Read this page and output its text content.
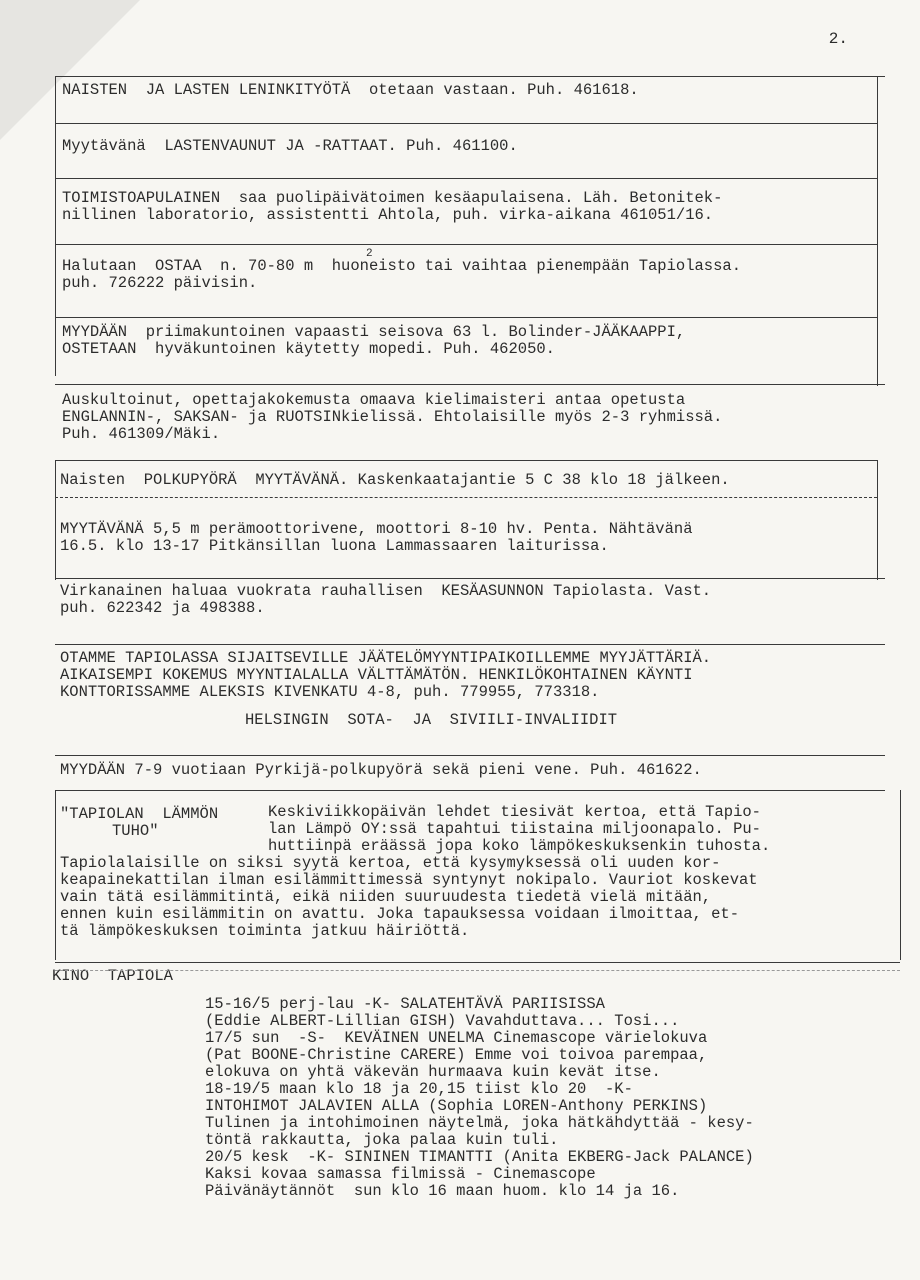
2.
NAISTEN  JA LASTEN LENINKITYÖTÄ  otetaan vastaan. Puh. 461618.
Myytävänä  LASTENVAUNUT JA -RATTAAT. Puh. 461100.
TOIMISTOAPULAINEN  saa puolipäivätoimen kesäapulaisena. Läh. Betonitek-
nillinen laboratorio, assistentti Ahtola, puh. virka-aikana 461051/16.
Halutaan  OSTAA  n. 70-80 m  huoneisto tai vaihtaa pienempään Tapiolassa.
puh. 726222 päivisin.
2
MYYDÄÄN  priimakuntoinen vapaasti seisova 63 l. Bolinder-JÄÄKAAPPI,
OSTETAAN  hyväkuntoinen käytetty mopedi. Puh. 462050.
Auskultoinut, opettajakokemusta omaava kielimaisteri antaa opetusta
ENGLANNIN-, SAKSAN- ja RUOTSINkielissä. Ehtolaisille myös 2-3 ryhmissä.
Puh. 461309/Mäki.
Naisten  POLKUPYÖRÄ  MYYTÄVÄNÄ. Kaskenkaatajantie 5 C 38 klo 18 jälkeen.
MYYTÄVÄNÄ 5,5 m perämoottorivene, moottori 8-10 hv. Penta. Nähtävänä
16.5. klo 13-17 Pitkänsillan luona Lammassaaren laiturissa.
Virkanainen haluaa vuokrata rauhallisen  KESÄASUNNON Tapiolasta. Vast.
puh. 622342 ja 498388.
OTAMME TAPIOLASSA SIJAITSEVILLE JÄÄTELÖMYYNTIPAIKOILLEMME MYYJÄTTÄRIÄ.
AIKAISEMPI KOKEMUS MYYNTIALALLA VÄLTTÄMÄTÖN. HENKILÖKOHTAINEN KÄYNTI
KONTTORISSAMME ALEKSIS KIVENKATU 4-8, puh. 779955, 773318.
HELSINGIN  SOTA-  JA  SIVIILI-INVALIIDIT
MYYDÄÄN 7-9 vuotiaan Pyrkijä-polkupyörä sekä pieni vene. Puh. 461622.
"TAPIOLAN  LÄMMÖN
TUHO"
Keskiviikkopäivän lehdet tiesivät kertoa, että Tapio-
lan Lämpö OY:ssä tapahtui tiistaina miljoonapalo. Pu-
huttiinpä eräässä jopa koko lämpökeskuksenkin tuhosta.
Tapiolalaisille on siksi syytä kertoa, että kysymyksessä oli uuden kor-
keapainekattilan ilman esilämmittimessä syntynyt nokipalo. Vauriot koskevat
vain tätä esilämmitintä, eikä niiden suuruudesta tiedetä vielä mitään,
ennen kuin esilämmitin on avattu. Joka tapauksessa voidaan ilmoittaa, et-
tä lämpökeskuksen toiminta jatkuu häiriöttä.
KINO  TAPIOLA
15-16/5 perj-lau -K- SALATEHTÄVÄ PARIISISSA
(Eddie ALBERT-Lillian GISH) Vavahduttava... Tosi...
17/5 sun  -S-  KEVÄINEN UNELMA Cinemascope värielokuva
(Pat BOONE-Christine CARERE) Emme voi toivoa parempaa,
elokuva on yhtä väkevän hurmaava kuin kevät itse.
18-19/5 maan klo 18 ja 20,15 tiist klo 20  -K-
INTOHIMOT JALAVIEN ALLA (Sophia LOREN-Anthony PERKINS)
Tulinen ja intohimoinen näytelmä, joka hätkähdyttää - kesy-
töntä rakkautta, joka palaa kuin tuli.
20/5 kesk  -K- SININEN TIMANTTI (Anita EKBERG-Jack PALANCE)
Kaksi kovaa samassa filmissä - Cinemascope
Päivänäytännöt  sun klo 16 maan huom. klo 14 ja 16.
